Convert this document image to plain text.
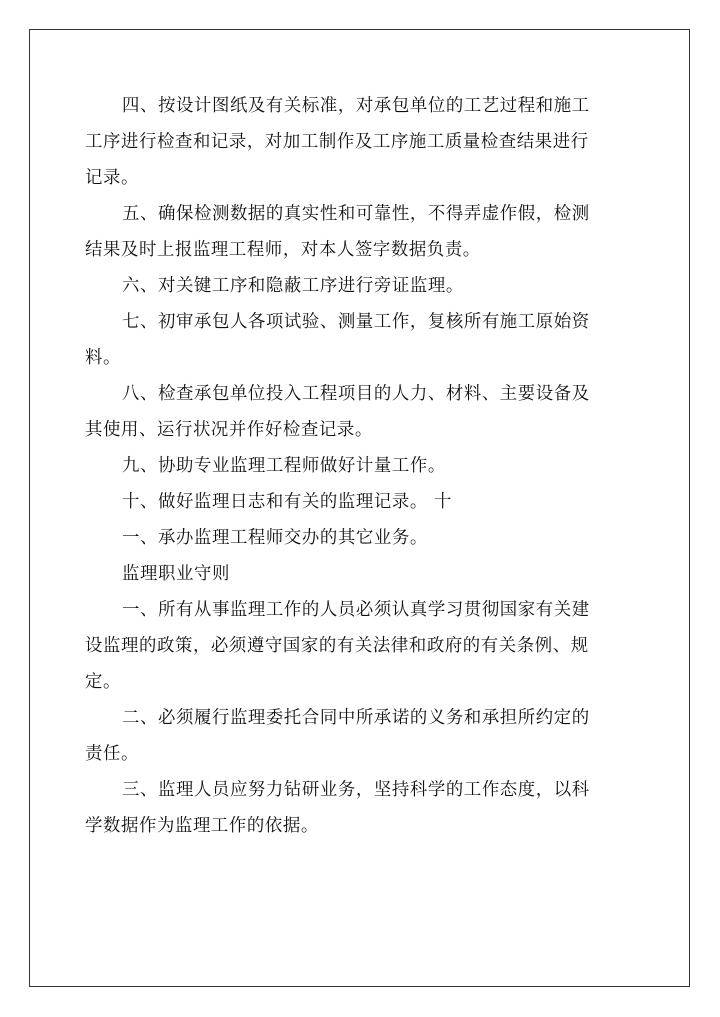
四、按设计图纸及有关标准，对承包单位的工艺过程和施工
工序进行检查和记录，对加工制作及工序施工质量检查结果进行
记录。

五、确保检测数据的真实性和可靠性，不得弄虚作假，检测
结果及时上报监理工程师，对本人签字数据负责。

六、对关键工序和隐蔽工序进行旁证监理。

七、初审承包人各项试验、测量工作，复核所有施工原始资
料。

八、检查承包单位投入工程项目的人力、材料、主要设备及
其使用、运行状况并作好检查记录。

九、协助专业监理工程师做好计量工作。

十、做好监理日志和有关的监理记录。 十

一、承办监理工程师交办的其它业务。

监理职业守则

一、所有从事监理工作的人员必须认真学习贯彻国家有关建
设监理的政策，必须遵守国家的有关法律和政府的有关条例、规
定。

二、必须履行监理委托合同中所承诺的义务和承担所约定的
责任。

三、监理人员应努力钻研业务，坚持科学的工作态度，以科
学数据作为监理工作的依据。
